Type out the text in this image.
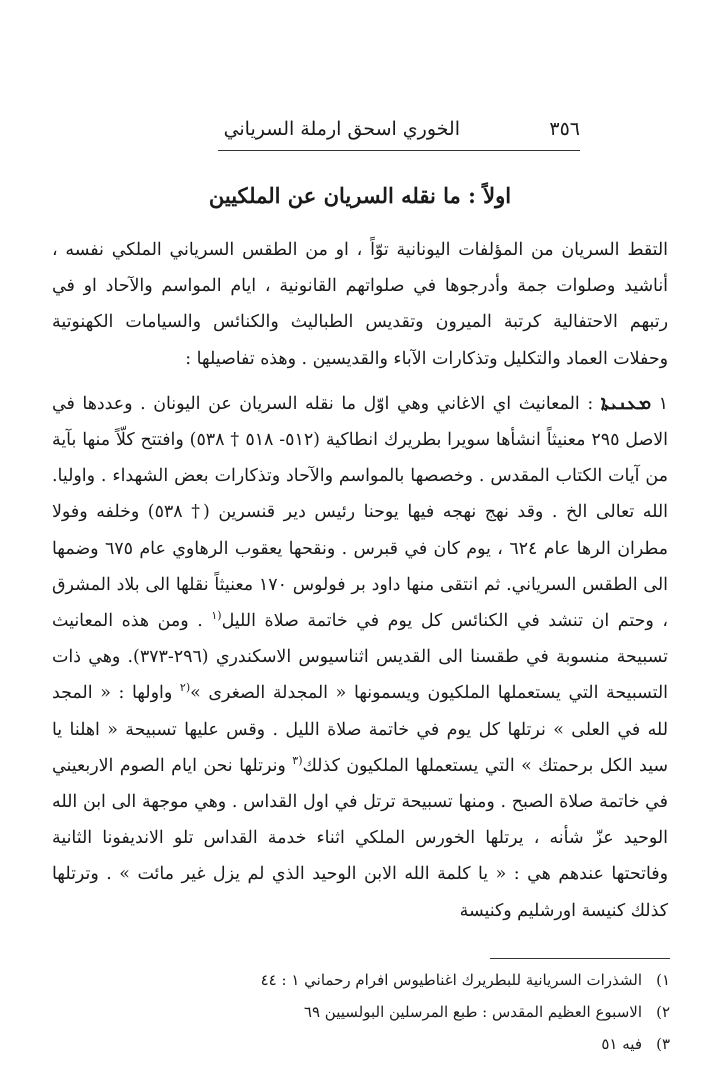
٣٥٦
الخوري اسحق ارملة السرياني
اولاً : ما نقله السريان عن الملكيين

التقط السريان من المؤلفات اليونانية توّاً ، او من الطقس السرياني الملكي نفسه ، أناشيد وصلوات جمة وأدرجوها في صلواتهم القانونية ، ايام المواسم والآحاد او في رتبهم الاحتفالية كرتبة الميرون وتقديس الطباليث والكنائس والسيامات الكهنوتية وحفلات العماد والتكليل وتذكارات الآباء والقديسين . وهذه تفاصيلها :

١ ܡܥܢܝܬܐ : المعانيث اي الاغاني وهي اوّل ما نقله السريان عن اليونان . وعددها في الاصل ٢٩٥ معنيثاً انشأها سويرا بطريرك انطاكية (٥١٢- ٥١٨ † ٥٣٨) وافتتح كلّاً منها بآية من آيات الكتاب المقدس . وخصصها بالمواسم والآحاد وتذكارات بعض الشهداء . واوليا. الله تعالى الخ . وقد نهج نهجه فيها يوحنا رئيس دير قنسرين († ٥٣٨) وخلفه وفولا مطران الرها عام ٦٢٤ ، يوم كان في قبرس . ونقحها يعقوب الرهاوي عام ٦٧٥ وضمها الى الطقس السرياني. ثم انتقى منها داود بر فولوس ١٧٠ معنيثاً نقلها الى بلاد المشرق ، وحتم ان تنشد في الكنائس كل يوم في خاتمة صلاة الليل$^{(١}$ . ومن هذه المعانيث تسبيحة منسوبة في طقسنا الى القديس اثناسيوس الاسكندري (٢٩٦-٣٧٣). وهي ذات التسبيحة التي يستعملها الملكيون ويسمونها « المجدلة الصغرى »$^{(٢}$ واولها : « المجد لله في العلى » نرتلها كل يوم في خاتمة صلاة الليل . وقس عليها تسبيحة « اهلنا يا سيد الكل برحمتك » التي يستعملها الملكيون كذلك$^{(٣}$ ونرتلها نحن ايام الصوم الاربعيني في خاتمة صلاة الصبح . ومنها تسبيحة ترتل في اول القداس . وهي موجهة الى ابن الله الوحيد عزّ شأنه ، يرتلها الخورس الملكي اثناء خدمة القداس تلو الانديفونا الثانية وفاتحتها عندهم هي : « يا كلمة الله الابن الوحيد الذي لم يزل غير مائت » . وترتلها كذلك كنيسة اورشليم وكنيسة

١)الشذرات السريانية للبطريرك اغناطيوس افرام رحماني ١ : ٤٤
٢)الاسبوع العظيم المقدس : طبع المرسلين البولسيين ٦٩
٣)فيه ٥١
